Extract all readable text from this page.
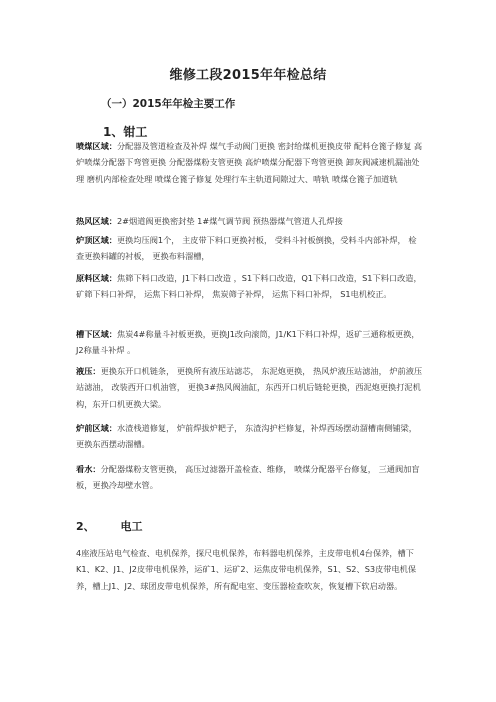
维修工段2015年年检总结
（一）2015年年检主要工作
1、钳工
喷煤区域：分配器及管道检查及补焊 煤气手动阀门更换 密封给煤机更换皮带 配料仓篦子修复 高炉喷煤分配器下弯管更换 分配器煤粉支管更换 高炉喷煤分配器下弯管更换 卸灰阀减速机漏油处理 磨机内部检查处理 喷煤仓篦子修复 处理行车主轨道间隙过大、啃轨 喷煤仓篦子加道轨
热风区域：2#烟道阀更换密封垫 1#煤气调节阀 预热器煤气管道人孔焊接
炉顶区域：更换均压阀1个， 主皮带下料口更换衬板， 受料斗衬板倒换，受料斗内部补焊， 检查更换料罐的衬板， 更换布料溜槽，
原料区域：焦筛下料口改造，J1下料口改造 ，S1下料口改造，Q1下料口改造，S1下料口改造， 矿筛下料口补焊， 运焦下料口补焊， 焦炭筛子补焊， 运焦下料口补焊， S1电机校正。
槽下区域：焦炭4#称量斗衬板更换，更换J1改向滚筒，J1/K1下料口补焊，返矿三通称板更换， J2称量斗补焊 。
液压：更换东开口机链条， 更换所有液压站滤芯， 东泥炮更换， 热风炉液压站滤油， 炉前液压站滤油， 改装西开口机油管， 更换3#热风阀油缸，东西开口机后链轮更换，西泥炮更换打泥机构，东开口机更换大梁。
炉前区域：水渣栈道修复， 炉前焊拔炉耙子， 东渣沟护栏修复，补焊西场摆动溜槽南侧铺梁，更换东西摆动溜槽。
看水：分配器煤粉支管更换， 高压过滤器开盖检查、维修， 喷煤分配器平台修复， 三通阀加盲板，更换冷却壁水管。
2、 电工
4座液压站电气检查、电机保养，探尺电机保养，布料器电机保养，主皮带电机4台保养，槽下K1、K2、J1、J2皮带电机保养，运矿1、运矿2、运焦皮带电机保养，S1、S2、S3皮带电机保养，槽上J1、J2、球团皮带电机保养，所有配电室、变压器检查吹灰，恢复槽下软启动器。
